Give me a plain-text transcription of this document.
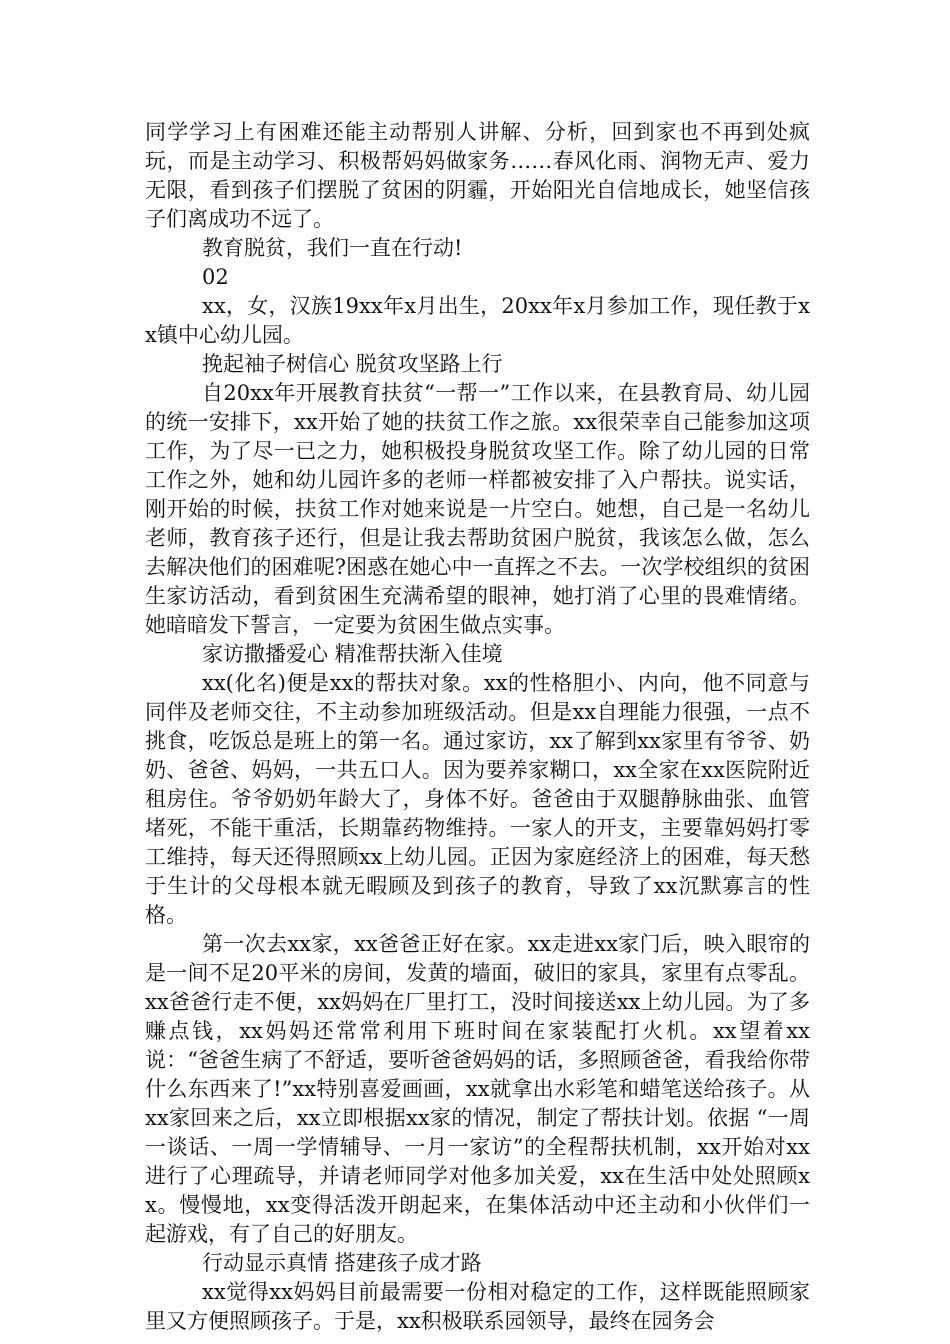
同学学习上有困难还能主动帮别人讲解、分析，回到家也不再到处疯玩，而是主动学习、积极帮妈妈做家务……春风化雨、润物无声、爱力无限，看到孩子们摆脱了贫困的阴霾，开始阳光自信地成长，她坚信孩子们离成功不远了。

教育脱贫，我们一直在行动!

02

xx，女，汉族19xx年x月出生，20xx年x月参加工作，现任教于xx镇中心幼儿园。

挽起袖子树信心 脱贫攻坚路上行

自20xx年开展教育扶贫“一帮一”工作以来，在县教育局、幼儿园的统一安排下，xx开始了她的扶贫工作之旅。xx很荣幸自己能参加这项工作，为了尽一已之力，她积极投身脱贫攻坚工作。除了幼儿园的日常工作之外，她和幼儿园许多的老师一样都被安排了入户帮扶。说实话，刚开始的时候，扶贫工作对她来说是一片空白。她想，自己是一名幼儿老师，教育孩子还行，但是让我去帮助贫困户脱贫，我该怎么做，怎么去解决他们的困难呢?困惑在她心中一直挥之不去。一次学校组织的贫困生家访活动，看到贫困生充满希望的眼神，她打消了心里的畏难情绪。她暗暗发下誓言，一定要为贫困生做点实事。

家访撒播爱心 精准帮扶渐入佳境

xx(化名)便是xx的帮扶对象。xx的性格胆小、内向，他不同意与同伴及老师交往，不主动参加班级活动。但是xx自理能力很强，一点不挑食，吃饭总是班上的第一名。通过家访，xx了解到xx家里有爷爷、奶奶、爸爸、妈妈，一共五口人。因为要养家糊口，xx全家在xx医院附近租房住。爷爷奶奶年龄大了，身体不好。爸爸由于双腿静脉曲张、血管堵死，不能干重活，长期靠药物维持。一家人的开支，主要靠妈妈打零工维持，每天还得照顾xx上幼儿园。正因为家庭经济上的困难，每天愁于生计的父母根本就无暇顾及到孩子的教育，导致了xx沉默寡言的性格。

第一次去xx家，xx爸爸正好在家。xx走进xx家门后，映入眼帘的是一间不足20平米的房间，发黄的墙面，破旧的家具，家里有点零乱。xx爸爸行走不便，xx妈妈在厂里打工，没时间接送xx上幼儿园。为了多赚点钱，xx妈妈还常常利用下班时间在家装配打火机。xx望着xx说：“爸爸生病了不舒适，要听爸爸妈妈的话，多照顾爸爸，看我给你带什么东西来了!”xx特别喜爱画画，xx就拿出水彩笔和蜡笔送给孩子。从xx家回来之后，xx立即根据xx家的情况，制定了帮扶计划。依据 “一周一谈话、一周一学情辅导、一月一家访”的全程帮扶机制，xx开始对xx进行了心理疏导，并请老师同学对他多加关爱，xx在生活中处处照顾xx。慢慢地，xx变得活泼开朗起来，在集体活动中还主动和小伙伴们一起游戏，有了自己的好朋友。

行动显示真情 搭建孩子成才路

xx觉得xx妈妈目前最需要一份相对稳定的工作，这样既能照顾家里又方便照顾孩子。于是，xx积极联系园领导，最终在园务会
